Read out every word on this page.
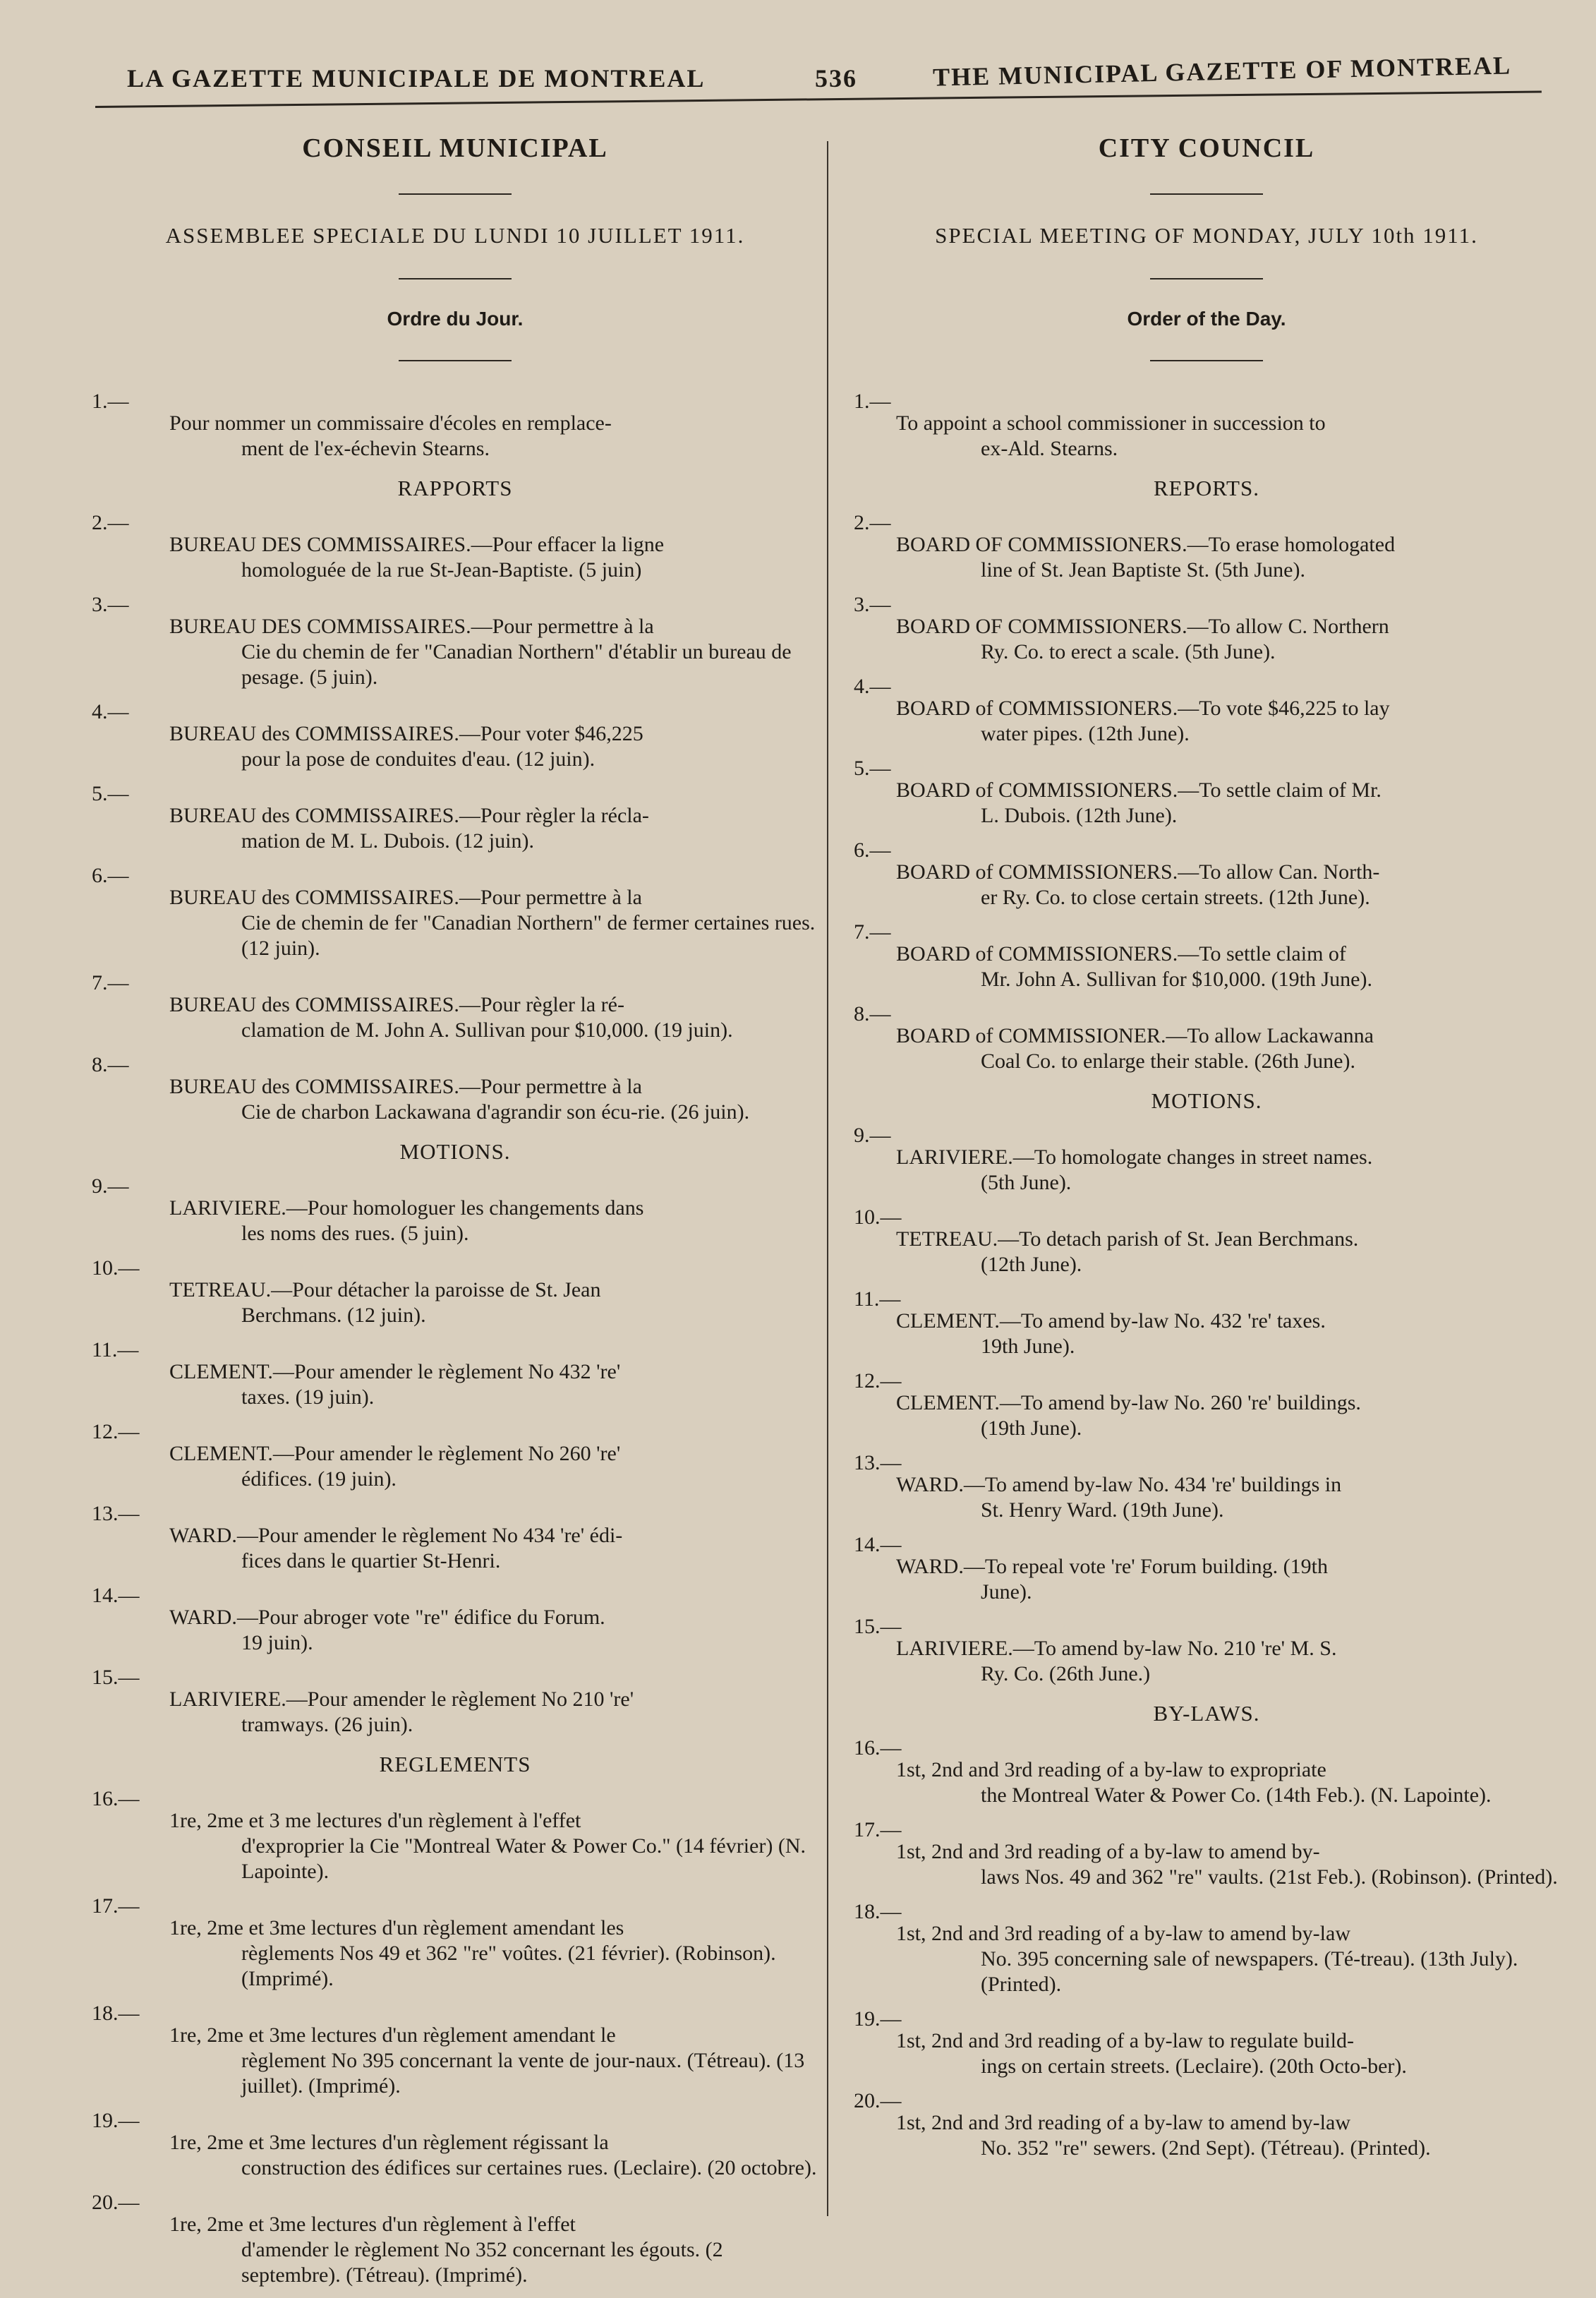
LA GAZETTE MUNICIPALE DE MONTREAL	536	THE MUNICIPAL GAZETTE OF MONTREAL
CONSEIL MUNICIPAL
ASSEMBLEE SPECIALE DU LUNDI 10 JUILLET 1911.
Ordre du Jour.
1.—
Pour nommer un commissaire d'écoles en remplace-
ment de l'ex-échevin Stearns.
RAPPORTS
2.—
BUREAU DES COMMISSAIRES.—Pour effacer la ligne
homologuée de la rue St-Jean-Baptiste. (5 juin)
3.—
BUREAU DES COMMISSAIRES.—Pour permettre à la
Cie du chemin de fer "Canadian Northern" d'établir un bureau de pesage. (5 juin).
4.—
BUREAU des COMMISSAIRES.—Pour voter $46,225
pour la pose de conduites d'eau. (12 juin).
5.—
BUREAU des COMMISSAIRES.—Pour règler la récla-
mation de M. L. Dubois. (12 juin).
6.—
BUREAU des COMMISSAIRES.—Pour permettre à la
Cie de chemin de fer "Canadian Northern" de fermer certaines rues. (12 juin).
7.—
BUREAU des COMMISSAIRES.—Pour règler la ré-
clamation de M. John A. Sullivan pour $10,000. (19 juin).
8.—
BUREAU des COMMISSAIRES.—Pour permettre à la
Cie de charbon Lackawana d'agrandir son écu-rie. (26 juin).
MOTIONS.
9.—
LARIVIERE.—Pour homologuer les changements dans
les noms des rues. (5 juin).
10.—
TETREAU.—Pour détacher la paroisse de St. Jean
Berchmans. (12 juin).
11.—
CLEMENT.—Pour amender le règlement No 432 're'
taxes. (19 juin).
12.—
CLEMENT.—Pour amender le règlement No 260 're'
édifices. (19 juin).
13.—
WARD.—Pour amender le règlement No 434 're' édi-
fices dans le quartier St-Henri.
14.—
WARD.—Pour abroger vote "re" édifice du Forum.
19 juin).
15.—
LARIVIERE.—Pour amender le règlement No 210 're'
tramways. (26 juin).
REGLEMENTS
16.—
1re, 2me et 3 me lectures d'un règlement à l'effet
d'exproprier la Cie "Montreal Water & Power Co." (14 février) (N. Lapointe).
17.—
1re, 2me et 3me lectures d'un règlement amendant les
règlements Nos 49 et 362 "re" voûtes. (21 février). (Robinson). (Imprimé).
18.—
1re, 2me et 3me lectures d'un règlement amendant le
règlement No 395 concernant la vente de jour-naux. (Tétreau). (13 juillet). (Imprimé).
19.—
1re, 2me et 3me lectures d'un règlement régissant la
construction des édifices sur certaines rues. (Leclaire). (20 octobre).
20.—
1re, 2me et 3me lectures d'un règlement à l'effet
d'amender le règlement No 352 concernant les égouts. (2 septembre). (Tétreau). (Imprimé).
CITY COUNCIL
SPECIAL MEETING OF MONDAY, JULY 10th 1911.
Order of the Day.
1.—
To appoint a school commissioner in succession to
ex-Ald. Stearns.
REPORTS.
2.—
BOARD OF COMMISSIONERS.—To erase homologated
line of St. Jean Baptiste St. (5th June).
3.—
BOARD OF COMMISSIONERS.—To allow C. Northern
Ry. Co. to erect a scale. (5th June).
4.—
BOARD of COMMISSIONERS.—To vote $46,225 to lay
water pipes. (12th June).
5.—
BOARD of COMMISSIONERS.—To settle claim of Mr.
L. Dubois. (12th June).
6.—
BOARD of COMMISSIONERS.—To allow Can. North-
er Ry. Co. to close certain streets. (12th June).
7.—
BOARD of COMMISSIONERS.—To settle claim of
Mr. John A. Sullivan for $10,000. (19th June).
8.—
BOARD of COMMISSIONER.—To allow Lackawanna
Coal Co. to enlarge their stable. (26th June).
MOTIONS.
9.—
LARIVIERE.—To homologate changes in street names.
(5th June).
10.—
TETREAU.—To detach parish of St. Jean Berchmans.
(12th June).
11.—
CLEMENT.—To amend by-law No. 432 're' taxes.
19th June).
12.—
CLEMENT.—To amend by-law No. 260 're' buildings.
(19th June).
13.—
WARD.—To amend by-law No. 434 're' buildings in
St. Henry Ward. (19th June).
14.—
WARD.—To repeal vote 're' Forum building. (19th
June).
15.—
LARIVIERE.—To amend by-law No. 210 're' M. S.
Ry. Co. (26th June.)
BY-LAWS.
16.—
1st, 2nd and 3rd reading of a by-law to expropriate
the Montreal Water & Power Co. (14th Feb.). (N. Lapointe).
17.—
1st, 2nd and 3rd reading of a by-law to amend by-
laws Nos. 49 and 362 "re" vaults. (21st Feb.). (Robinson). (Printed).
18.—
1st, 2nd and 3rd reading of a by-law to amend by-law
No. 395 concerning sale of newspapers. (Té-treau). (13th July). (Printed).
19.—
1st, 2nd and 3rd reading of a by-law to regulate build-
ings on certain streets. (Leclaire). (20th Octo-ber).
20.—
1st, 2nd and 3rd reading of a by-law to amend by-law
No. 352 "re" sewers. (2nd Sept). (Tétreau). (Printed).
